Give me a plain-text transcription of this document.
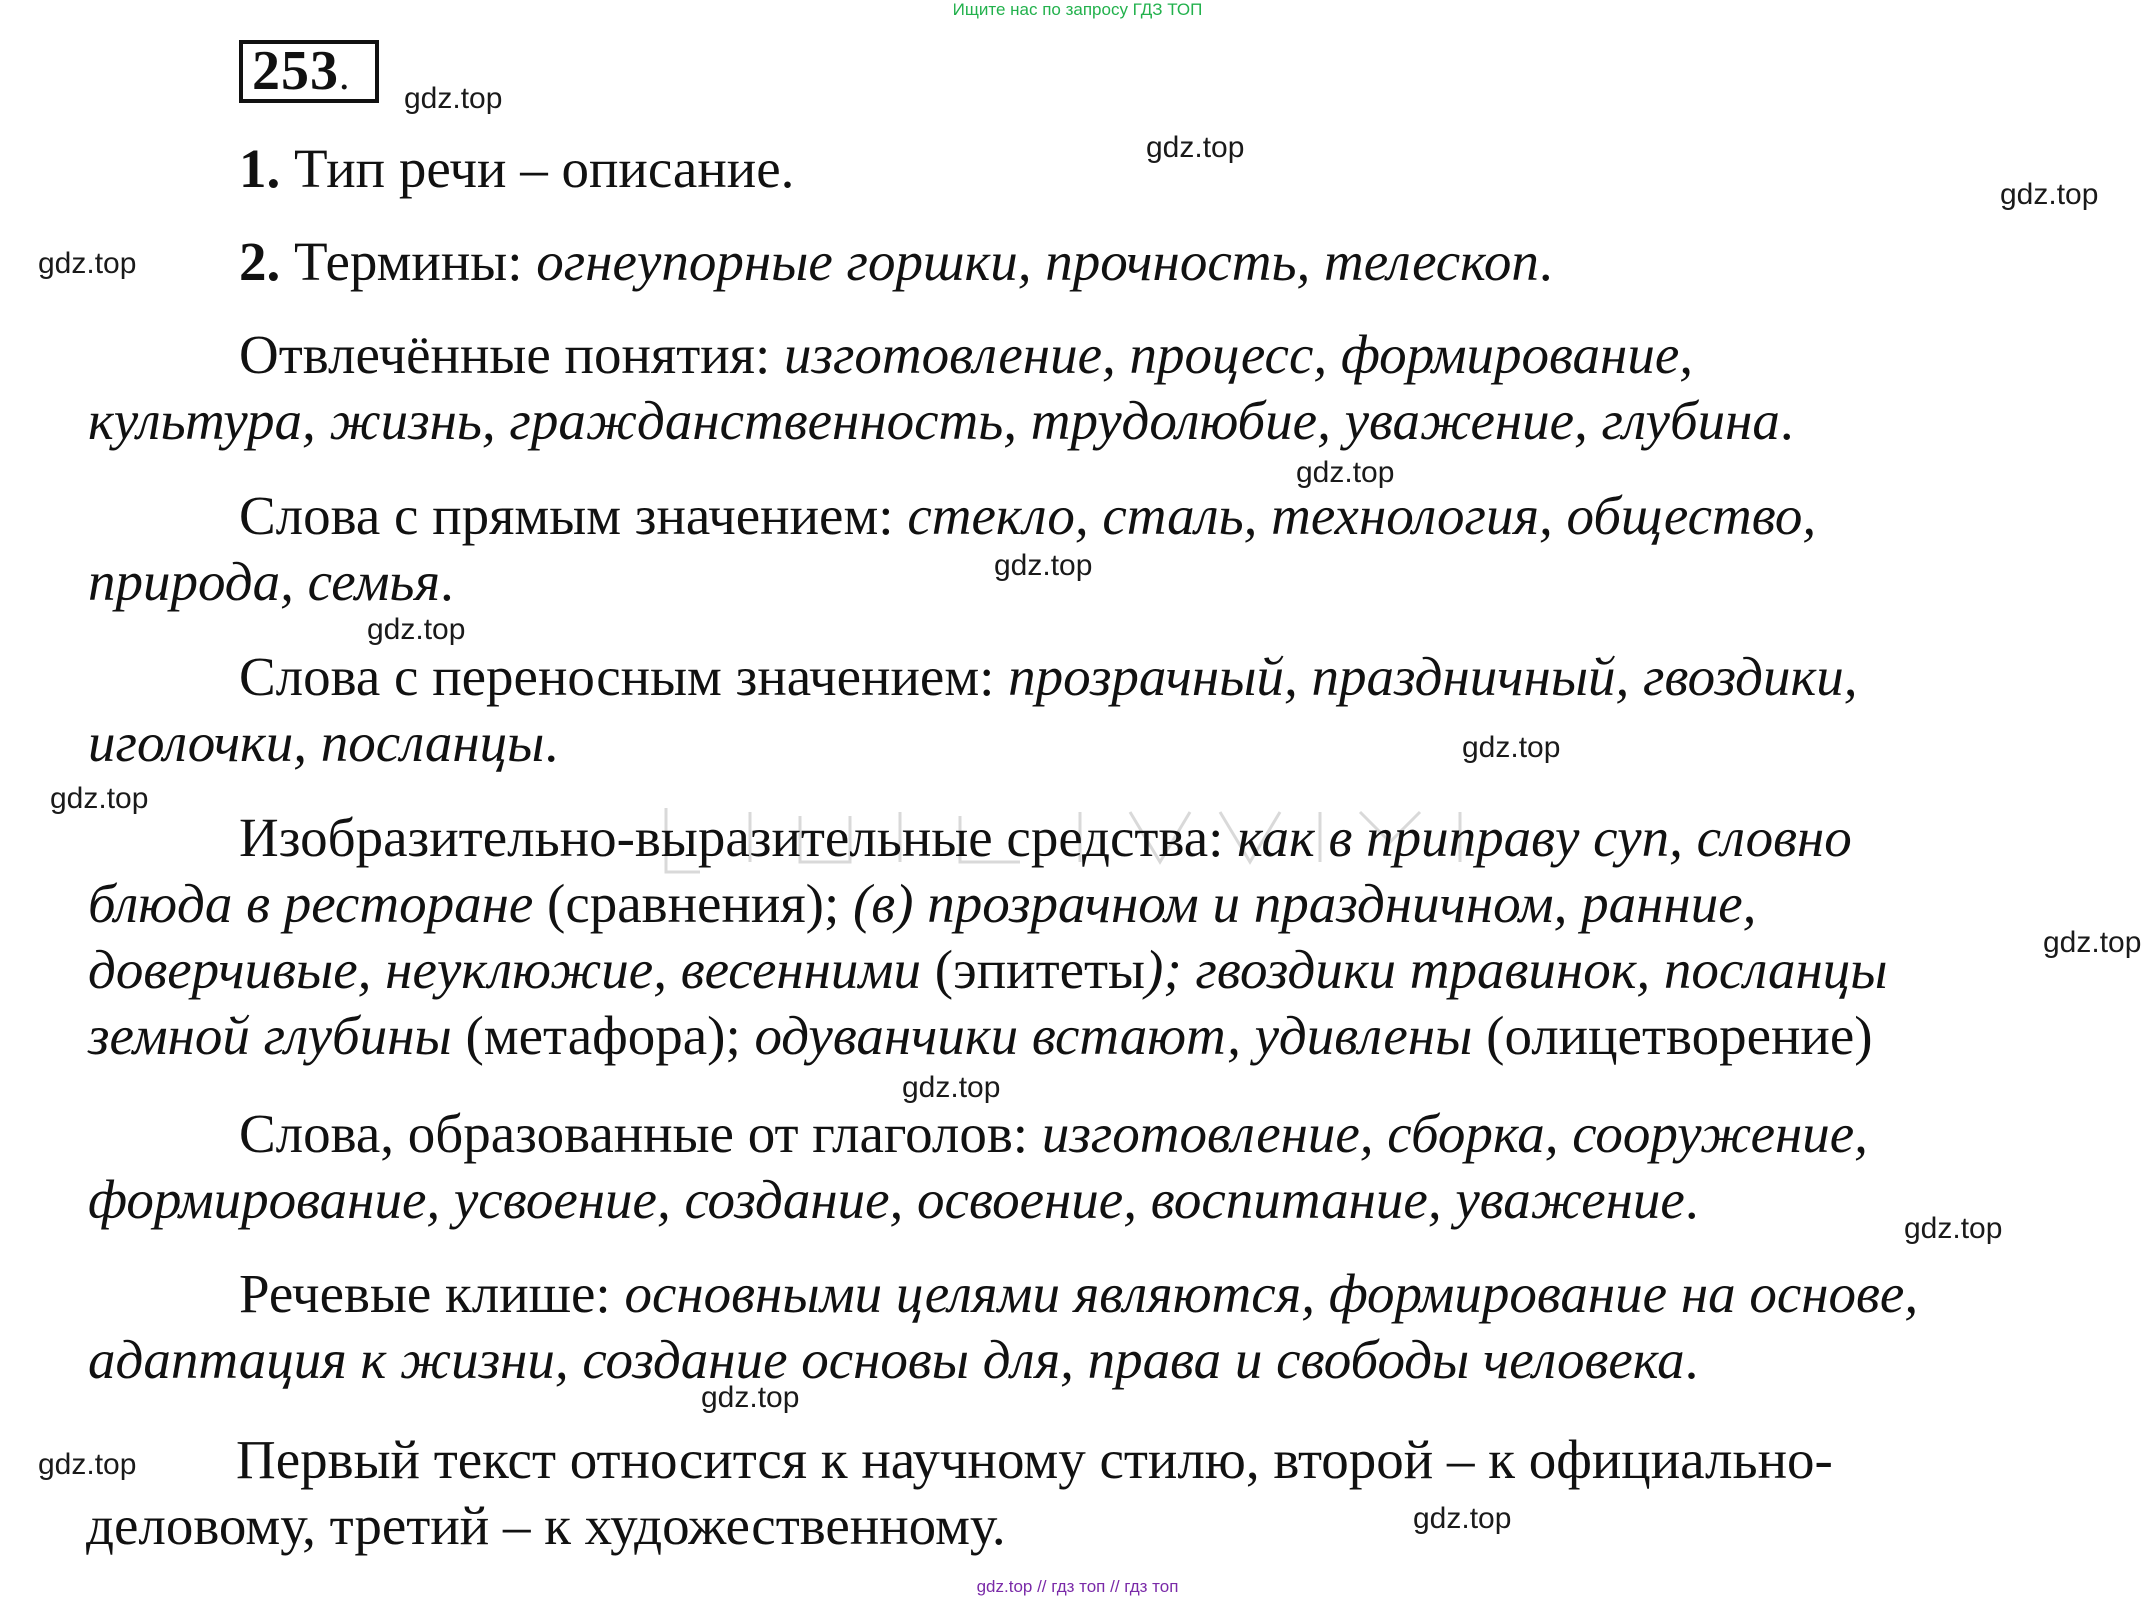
Ищите нас по запросу ГДЗ ТОП
253.
1. Тип речи – описание.
2. Термины: огнеупорные горшки, прочность, телескоп.
Отвлечённые понятия: изготовление, процесс, формирование,
культура, жизнь, гражданственность, трудолюбие, уважение, глубина.
Слова с прямым значением: стекло, сталь, технология, общество,
природа, семья.
Слова с переносным значением: прозрачный, праздничный, гвоздики,
иголочки, посланцы.
Изобразительно-выразительные средства: как в приправу суп, словно
блюда в ресторане (сравнения); (в) прозрачном и праздничном, ранние,
доверчивые, неуклюжие, весенними (эпитеты); гвоздики травинок, посланцы
земной глубины (метафора); одуванчики встают, удивлены (олицетворение)
Слова, образованные от глаголов: изготовление, сборка, сооружение,
формирование, усвоение, создание, освоение, воспитание, уважение.
Речевые клише: основными целями являются, формирование на основе,
адаптация к жизни, создание основы для, права и свободы человека.
Первый текст относится к научному стилю, второй – к официально-
деловому, третий – к художественному.
gdz.top
gdz.top
gdz.top
gdz.top
gdz.top
gdz.top
gdz.top
gdz.top
gdz.top
gdz.top
gdz.top
gdz.top
gdz.top
gdz.top
gdz.top
gdz.top // гдз топ // гдз топ
